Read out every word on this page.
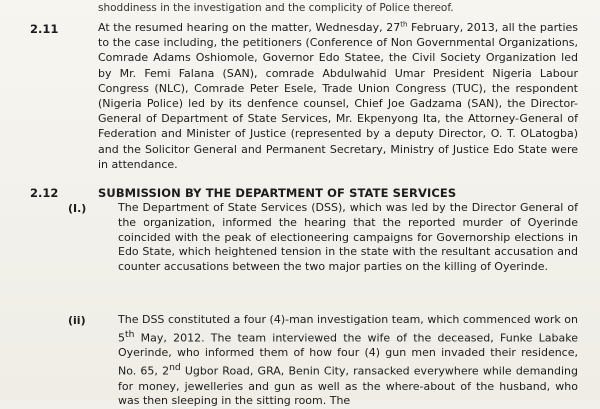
shoddiness in the investigation and the complicity of Police thereof.
2.11	At the resumed hearing on the matter, Wednesday, 27th February, 2013, all the parties to the case including, the petitioners (Conference of Non Governmental Organizations, Comrade Adams Oshiomole, Governor Edo Statee, the Civil Society Organization led by Mr. Femi Falana (SAN), comrade Abdulwahid Umar President Nigeria Labour Congress (NLC), Comrade Peter Esele, Trade Union Congress (TUC), the respondent (Nigeria Police) led by its denfence counsel, Chief Joe Gadzama (SAN), the Director-General of Department of State Services, Mr. Ekpenyong Ita, the Attorney-General of Federation and Minister of Justice (represented by a deputy Director, O. T. OLatogba) and the Solicitor General and Permanent Secretary, Ministry of Justice Edo State were in attendance.
2.12	SUBMISSION BY THE DEPARTMENT OF STATE SERVICES
(I.)	The Department of State Services (DSS), which was led by the Director General of the organization, informed the hearing that the reported murder of Oyerinde coincided with the peak of electioneering campaigns for Governorship elections in Edo State, which heightened tension in the state with the resultant accusation and counter accusations between the two major parties on the killing of Oyerinde.
(ii)	The DSS constituted a four (4)-man investigation team, which commenced work on 5th May, 2012. The team interviewed the wife of the deceased, Funke Labake Oyerinde, who informed them of how four (4) gun men invaded their residence, No. 65, 2nd Ugbor Road, GRA, Benin City, ransacked everywhere while demanding for money, jewelleries and gun as well as the where-about of the husband, who was then sleeping in the sitting room. The
